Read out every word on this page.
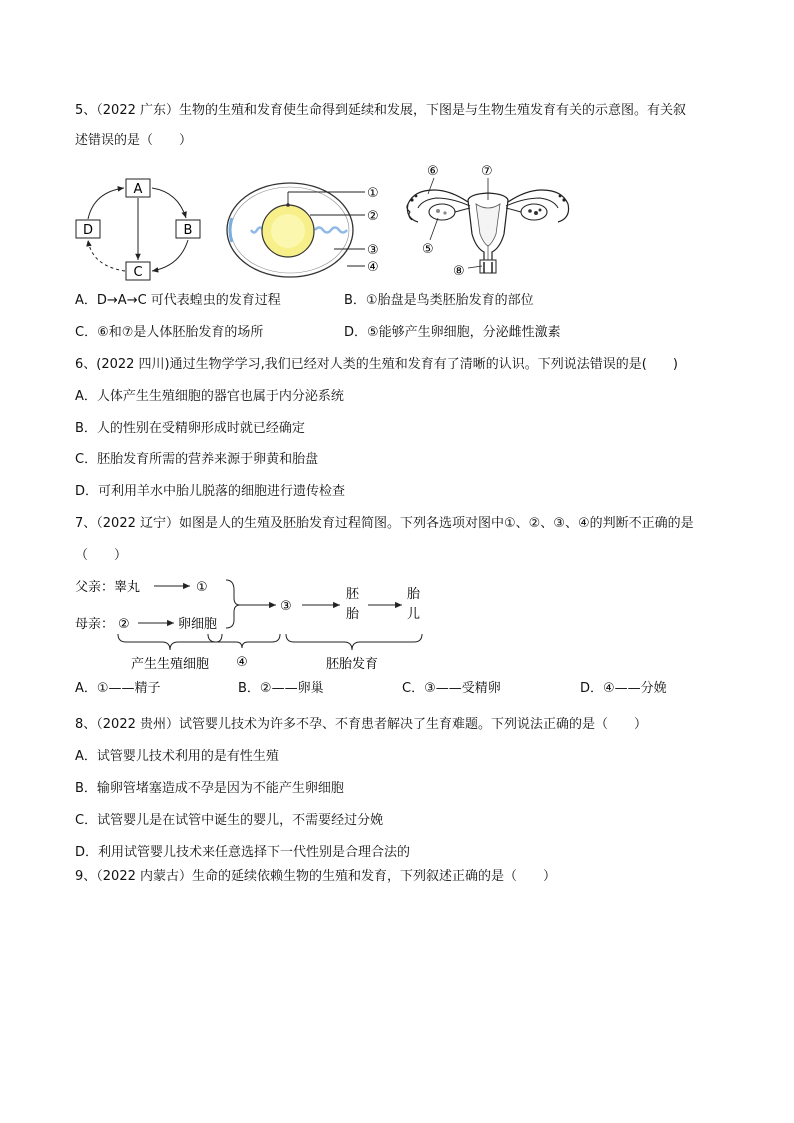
5、（2022 广东）生物的生殖和发育使生命得到延续和发展，下图是与生物生殖发育有关的示意图。有关叙
述错误的是（　　）
A
B
C
D
①
②
③
④
⑥	⑦
⑤
⑧
A．D→A→C 可代表蝗虫的发育过程	B．①胎盘是鸟类胚胎发育的部位
C．⑥和⑦是人体胚胎发育的场所	D．⑤能够产生卵细胞，分泌雌性激素
6、(2022 四川)通过生物学学习,我们已经对人类的生殖和发育有了清晰的认识。下列说法错误的是(　　)
A．人体产生生殖细胞的器官也属于内分泌系统
B．人的性别在受精卵形成时就已经确定
C．胚胎发育所需的营养来源于卵黄和胎盘
D．可利用羊水中胎儿脱落的细胞进行遗传检查
7、（2022 辽宁）如图是人的生殖及胚胎发育过程简图。下列各选项对图中①、②、③、④的判断不正确的是
（　　）
父亲：睾丸	①
母亲： ②	卵细胞
③
胚
胎
胎
儿
产生生殖细胞 ④	胚胎发育
A．①——精子	B．②——卵巢	C．③——受精卵	D．④——分娩
8、（2022 贵州）试管婴儿技术为许多不孕、不育患者解决了生育难题。下列说法正确的是（　　）
A．试管婴儿技术利用的是有性生殖
B．输卵管堵塞造成不孕是因为不能产生卵细胞
C．试管婴儿是在试管中诞生的婴儿，不需要经过分娩
D．利用试管婴儿技术来任意选择下一代性别是合理合法的
9、（2022 内蒙古）生命的延续依赖生物的生殖和发育，下列叙述正确的是（　　）
